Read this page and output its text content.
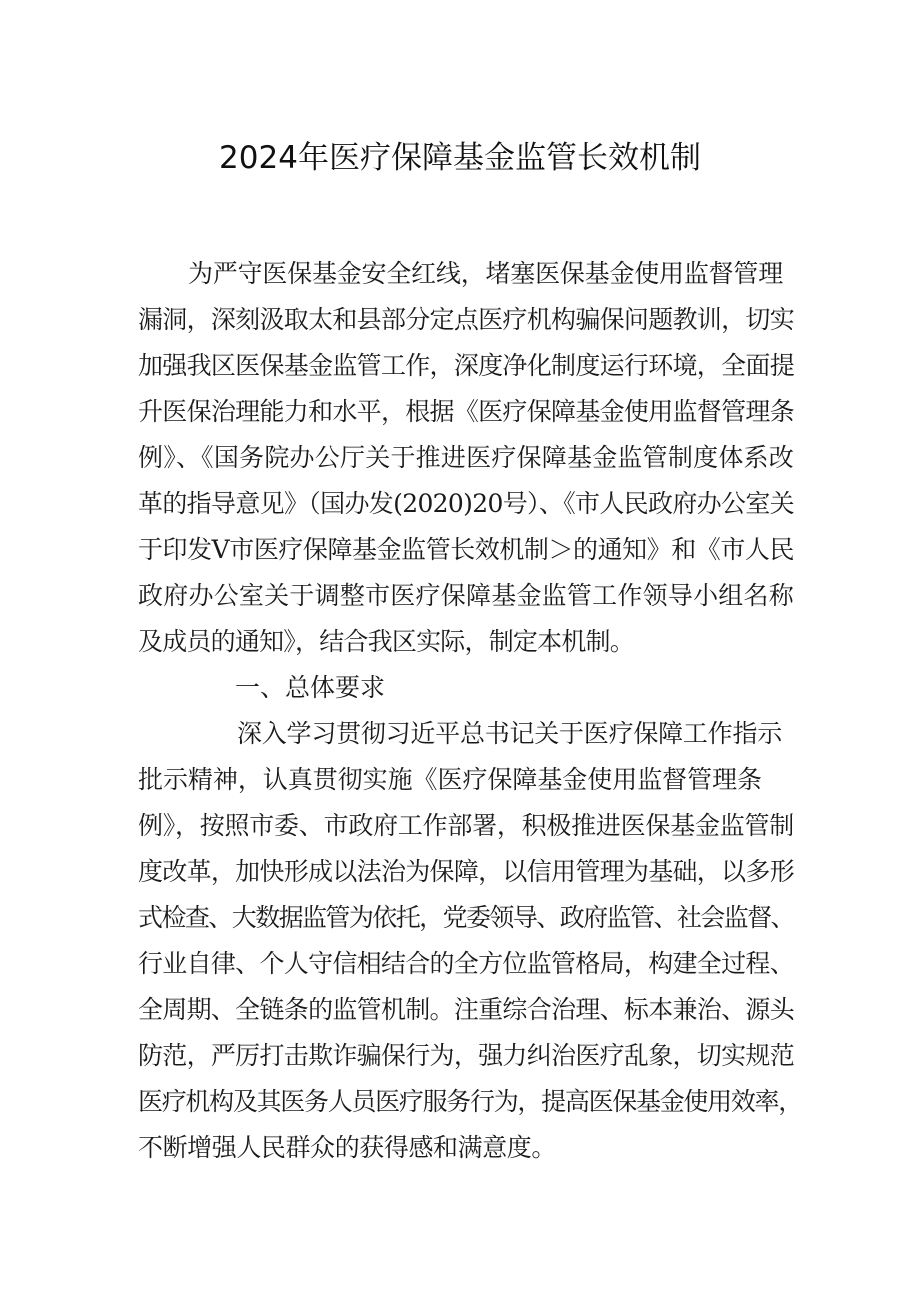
2024年医疗保障基金监管长效机制
为严守医保基金安全红线，堵塞医保基金使用监督管理
漏洞，深刻汲取太和县部分定点医疗机构骗保问题教训，切实
加强我区医保基金监管工作，深度净化制度运行环境，全面提
升医保治理能力和水平，根据《医疗保障基金使用监督管理条
例》、《国务院办公厅关于推进医疗保障基金监管制度体系改
革的指导意见》（国办发(2020)20号）、《市人民政府办公室关
于印发V市医疗保障基金监管长效机制＞的通知》和《市人民
政府办公室关于调整市医疗保障基金监管工作领导小组名称
及成员的通知》，结合我区实际，制定本机制。
一、总体要求
深入学习贯彻习近平总书记关于医疗保障工作指示
批示精神，认真贯彻实施《医疗保障基金使用监督管理条
例》，按照市委、市政府工作部署，积极推进医保基金监管制
度改革，加快形成以法治为保障，以信用管理为基础，以多形
式检查、大数据监管为依托，党委领导、政府监管、社会监督、
行业自律、个人守信相结合的全方位监管格局，构建全过程、
全周期、全链条的监管机制。注重综合治理、标本兼治、源头
防范，严厉打击欺诈骗保行为，强力纠治医疗乱象，切实规范
医疗机构及其医务人员医疗服务行为，提高医保基金使用效率，
不断增强人民群众的获得感和满意度。
